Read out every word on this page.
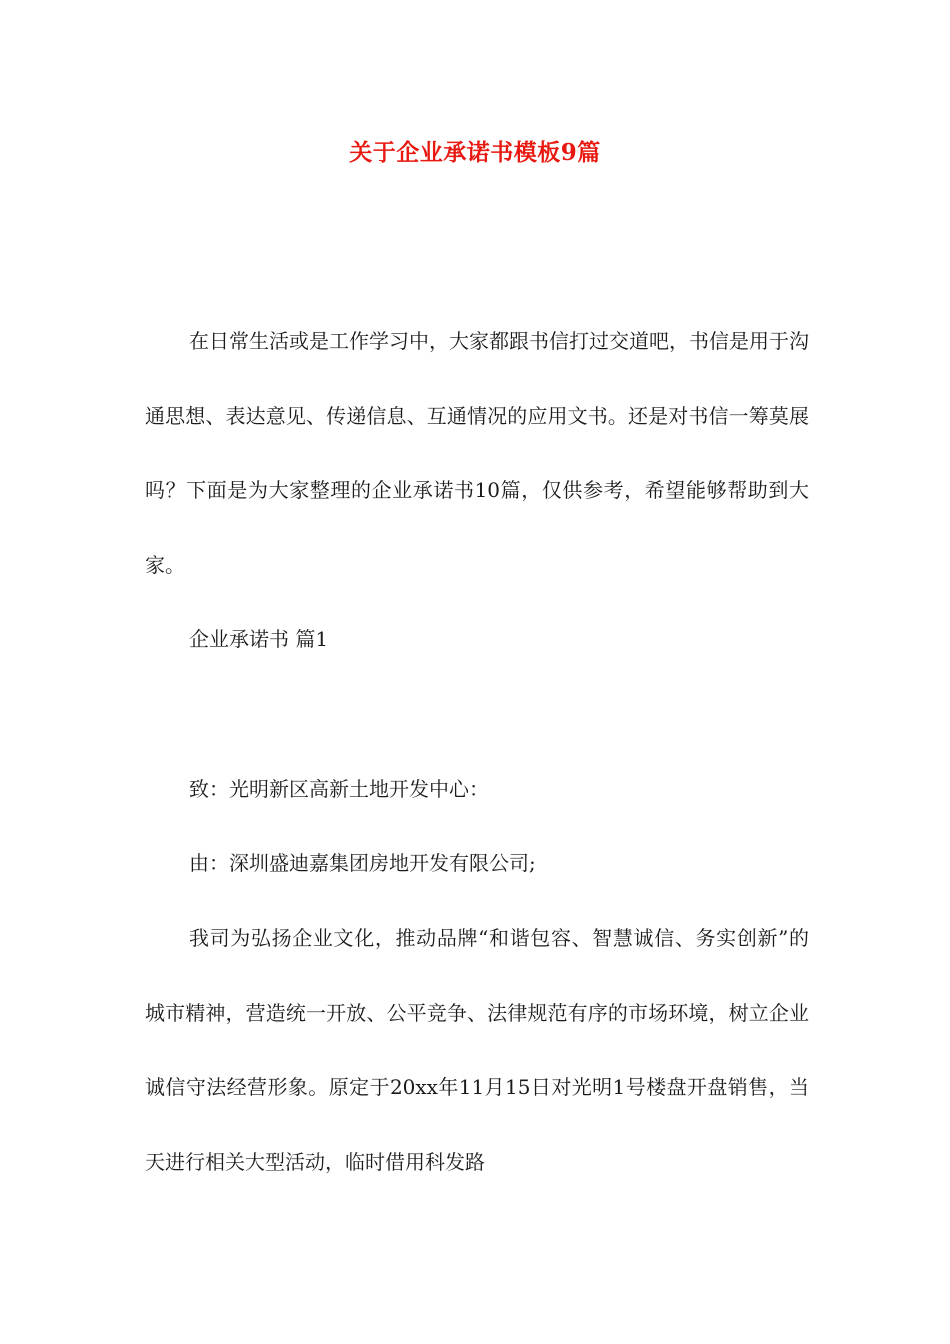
关于企业承诺书模板9篇

在日常生活或是工作学习中，大家都跟书信打过交道吧，书信是用于沟通思想、表达意见、传递信息、互通情况的应用文书。还是对书信一筹莫展吗？下面是为大家整理的企业承诺书10篇，仅供参考，希望能够帮助到大家。

企业承诺书 篇1

致：光明新区高新土地开发中心：

由：深圳盛迪嘉集团房地开发有限公司;

我司为弘扬企业文化，推动品牌“和谐包容、智慧诚信、务实创新”的城市精神，营造统一开放、公平竞争、法律规范有序的市场环境，树立企业诚信守法经营形象。原定于20xx年11月15日对光明1号楼盘开盘销售，当天进行相关大型活动，临时借用科发路
